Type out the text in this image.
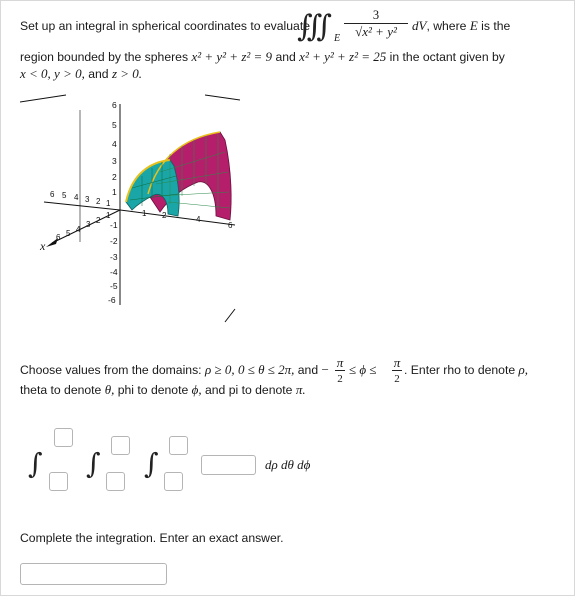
Set up an integral in spherical coordinates to evaluate
∫∫∫ E
3
√x² + y²	dV, where E is the
region bounded by the spheres x² + y² + z² = 9 and x² + y² + z² = 25 in the octant given by
x < 0, y > 0, and z > 0.
6
5
4
3
2
1
-1
-2
-3
-4
-5
-6
6 5 4 3 2 1
6 5 4
3 2
1	1 2	4
6
x
Choose values from the domains: ρ ≥ 0, 0 ≤ θ ≤ 2π, and − π
2
≤ ϕ ≤ π
2
. Enter rho to denote ρ,
theta to denote θ, phi to denote ϕ, and pi to denote π.
∫ ∫ ∫	dρ dθ dϕ
Complete the integration. Enter an exact answer.
